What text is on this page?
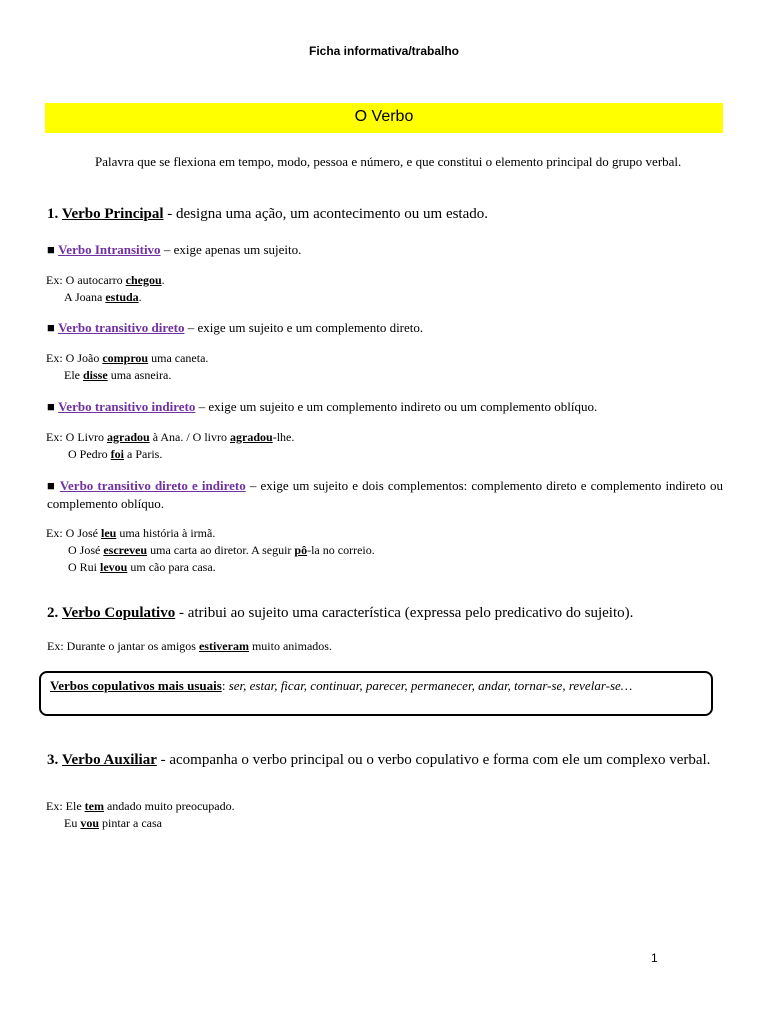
Ficha informativa/trabalho
O Verbo
Palavra que se flexiona em tempo, modo, pessoa e número, e que constitui o elemento principal do grupo verbal.
1. Verbo Principal - designa uma ação, um acontecimento ou um estado.
■ Verbo Intransitivo – exige apenas um sujeito.
Ex: O autocarro chegou.
A Joana estuda.
■ Verbo transitivo direto – exige um sujeito e um complemento direto.
Ex: O João comprou uma caneta.
Ele disse uma asneira.
■ Verbo transitivo indireto – exige um sujeito e um complemento indireto ou um complemento oblíquo.
Ex: O Livro agradou à Ana. / O livro agradou-lhe.
O Pedro foi a Paris.
■ Verbo transitivo direto e indireto – exige um sujeito e dois complementos: complemento direto e complemento indireto ou complemento oblíquo.
Ex: O José leu uma história à irmã.
O José escreveu uma carta ao diretor. A seguir pô-la no correio.
O Rui levou um cão para casa.
2. Verbo Copulativo - atribui ao sujeito uma característica (expressa pelo predicativo do sujeito).
Ex: Durante o jantar os amigos estiveram muito animados.
Verbos copulativos mais usuais: ser, estar, ficar, continuar, parecer, permanecer, andar, tornar-se, revelar-se…
3. Verbo Auxiliar - acompanha o verbo principal ou o verbo copulativo e forma com ele um complexo verbal.
Ex: Ele tem andado muito preocupado.
Eu vou pintar a casa
1
